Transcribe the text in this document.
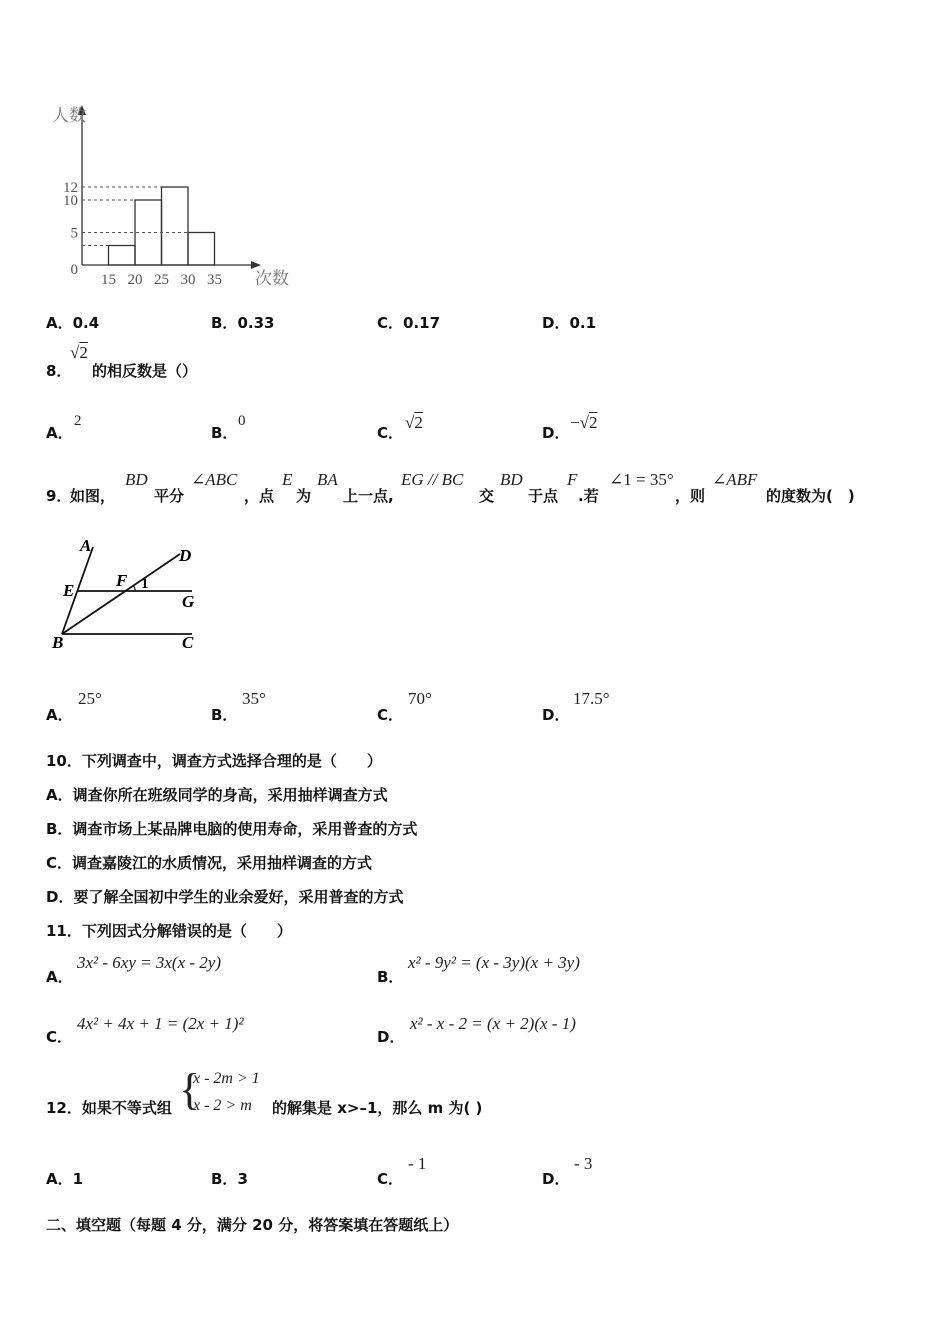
5
10
12
15 20 25 30 35
0
人数
次数
A．0.4	B．0.33	C．0.17	D．0.1
8．
√2
的相反数是（）
A．
2
B．
0
C．
√2
D．
−√2
9．
如图，
BD
平分
∠ABC
，点
E
为
BA
上一点,
EG // BC
交
BD
于点
F
.若
∠1 = 35°
，则
∠ABF
的度数为(　)
A
D
E
F 1
G
B	C
A．
25°
B．
35°
C．
70°
D．
17.5°
10．下列调查中，调查方式选择合理的是（　　）
A．调查你所在班级同学的身高，采用抽样调查方式
B．调查市场上某品牌电脑的使用寿命，采用普查的方式
C．调查嘉陵江的水质情况，采用抽样调查的方式
D．要了解全国初中学生的业余爱好，采用普查的方式
11．下列因式分解错误的是（　　）
A．
3x² - 6xy = 3x(x - 2y)
B．
x² - 9y² = (x - 3y)(x + 3y)
C．
4x² + 4x + 1 = (2x + 1)²
D．
x² - x - 2 = (x + 2)(x - 1)
12．如果不等式组 {
x - 2m > 1
x - 2 > m 的解集是 x>–1，那么 m 为( )
A．1	B．3	C．
- 1
D．
- 3
二、填空题（每题 4 分，满分 20 分，将答案填在答题纸上）
